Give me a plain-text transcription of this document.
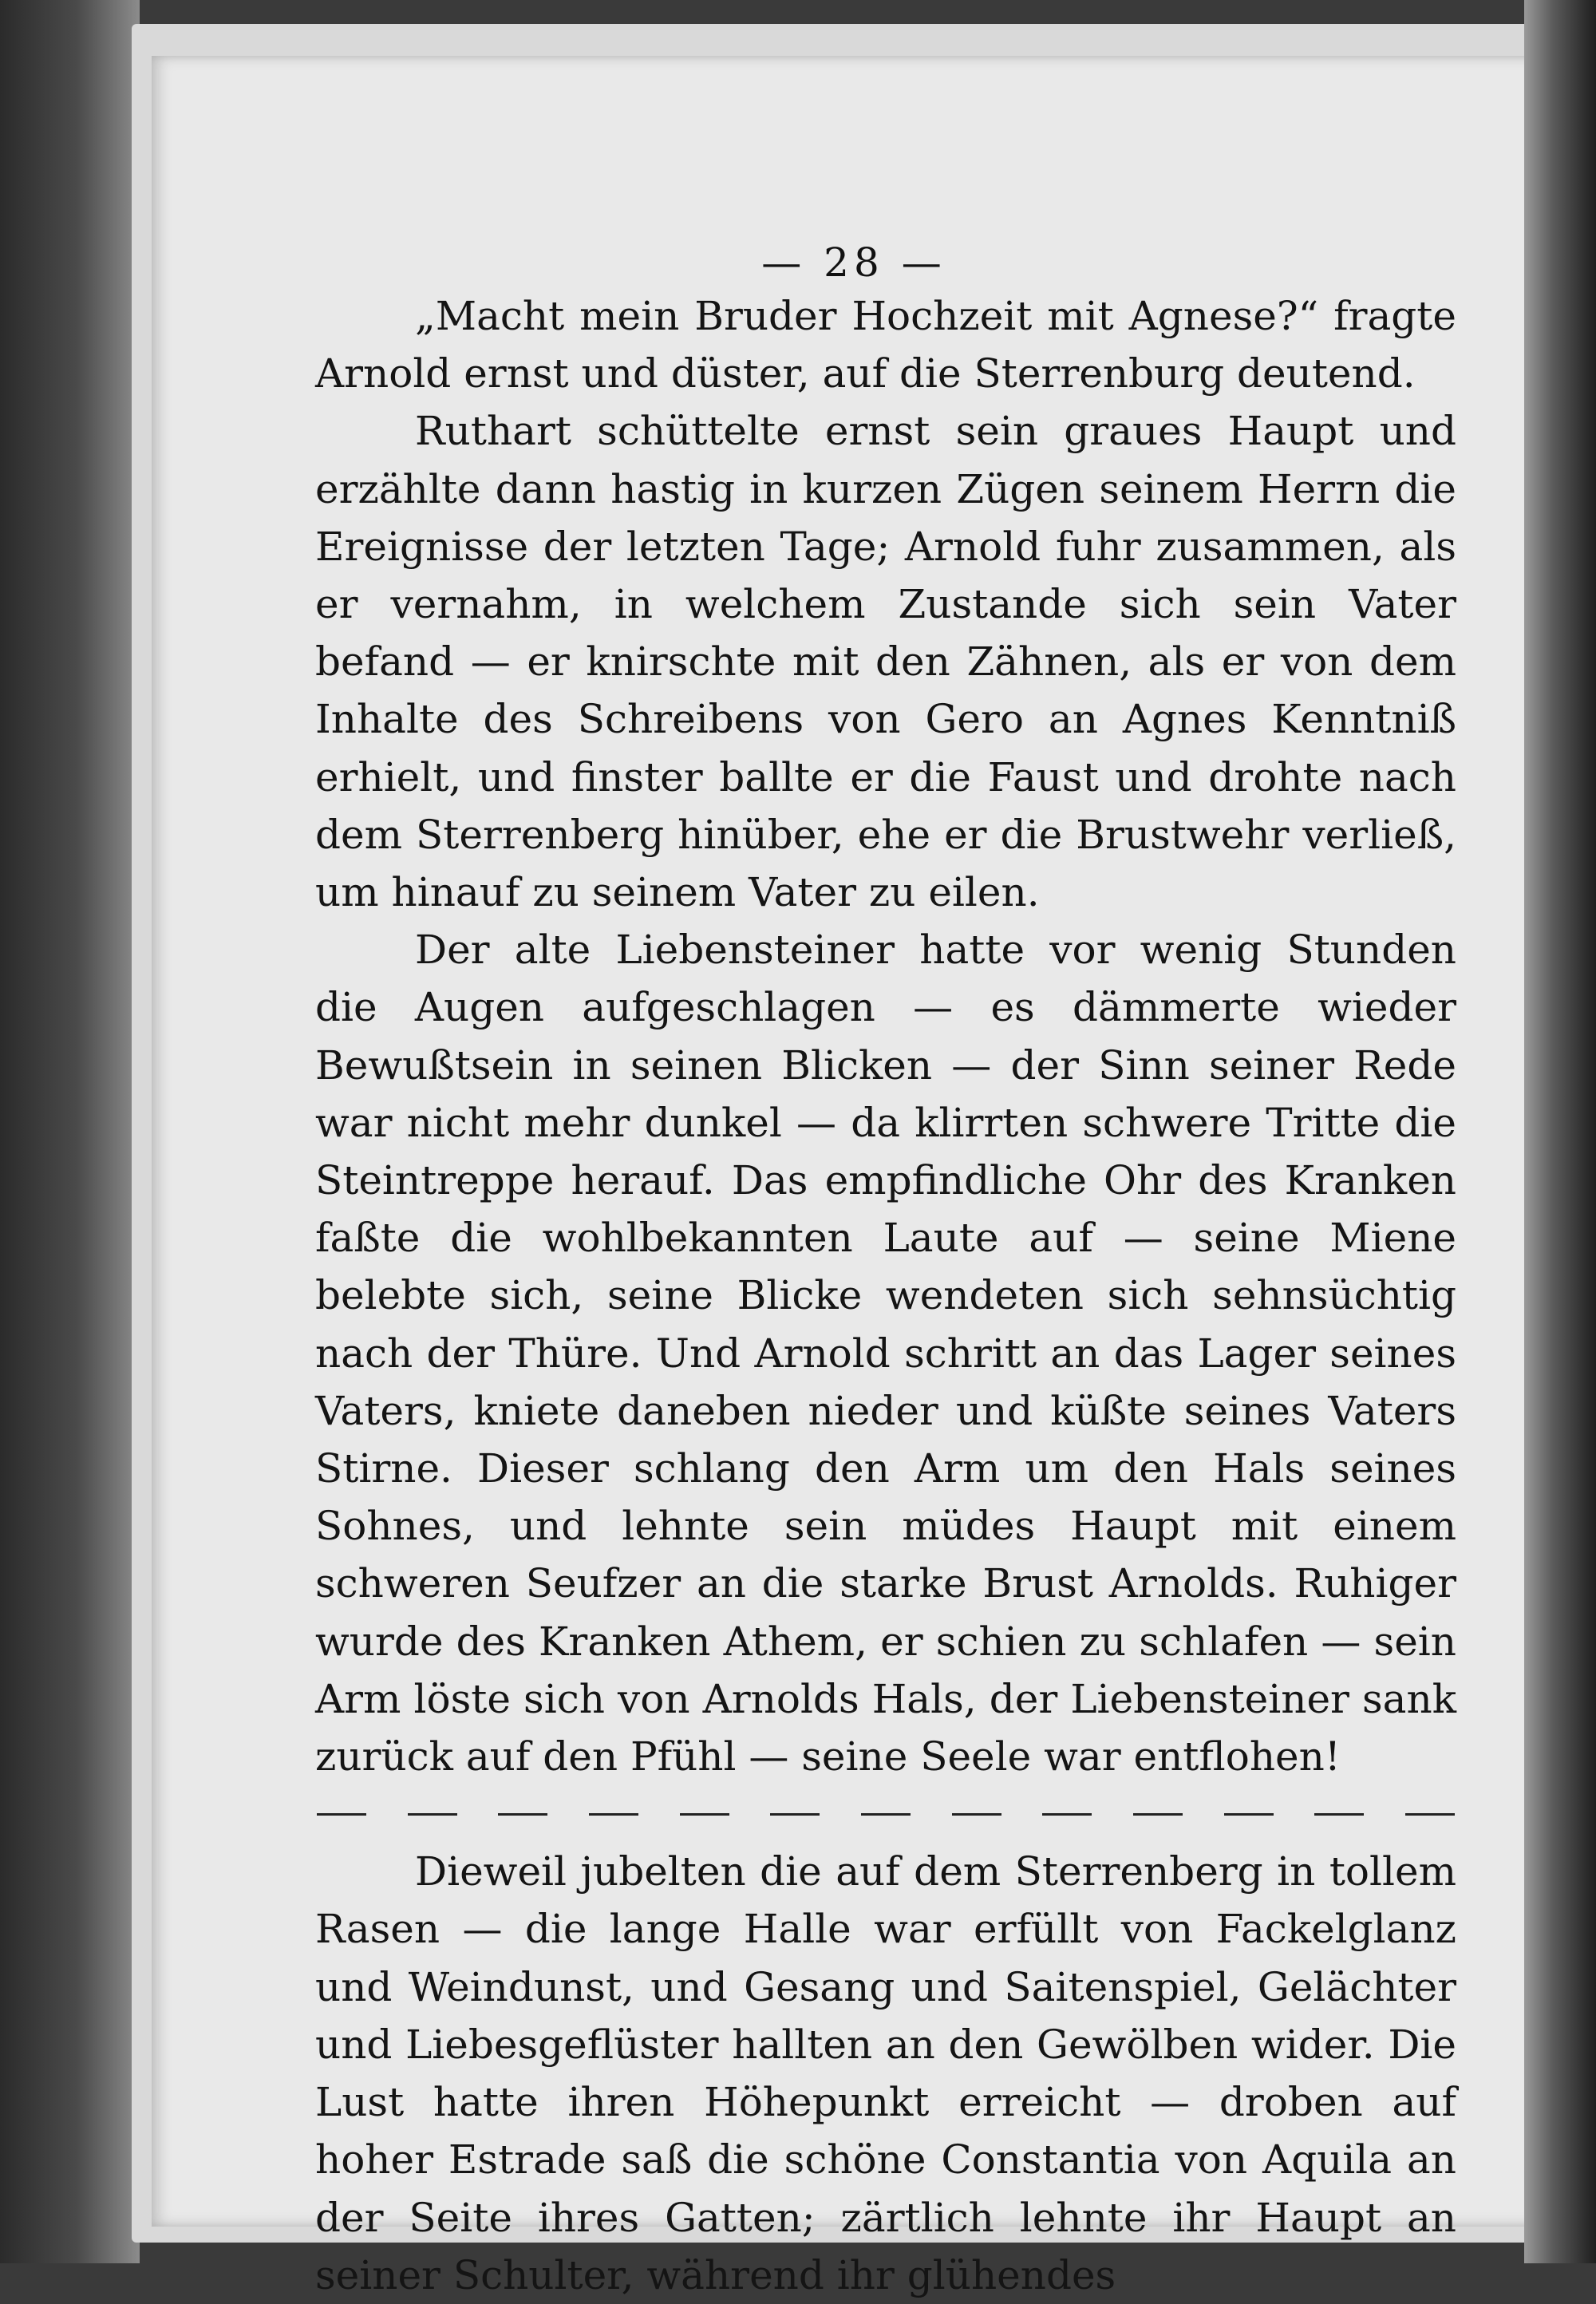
— 28 —

„Macht mein Bruder Hochzeit mit Agnese?“ fragte Arnold ernst und düster, auf die Sterrenburg deutend.

Ruthart schüttelte ernst sein graues Haupt und erzählte dann hastig in kurzen Zügen seinem Herrn die Ereignisse der letzten Tage; Arnold fuhr zusammen, als er vernahm, in welchem Zustande sich sein Vater befand — er knirschte mit den Zähnen, als er von dem Inhalte des Schreibens von Gero an Agnes Kenntniß erhielt, und finster ballte er die Faust und drohte nach dem Sterrenberg hinüber, ehe er die Brustwehr verließ, um hinauf zu seinem Vater zu eilen.

Der alte Liebensteiner hatte vor wenig Stunden die Augen aufgeschlagen — es dämmerte wieder Bewußtsein in seinen Blicken — der Sinn seiner Rede war nicht mehr dunkel — da klirrten schwere Tritte die Steintreppe herauf. Das empfindliche Ohr des Kranken faßte die wohlbekannten Laute auf — seine Miene belebte sich, seine Blicke wendeten sich sehnsüchtig nach der Thüre. Und Arnold schritt an das Lager seines Vaters, kniete daneben nieder und küßte seines Vaters Stirne. Dieser schlang den Arm um den Hals seines Sohnes, und lehnte sein müdes Haupt mit einem schweren Seufzer an die starke Brust Arnolds. Ruhiger wurde des Kranken Athem, er schien zu schlafen — sein Arm löste sich von Arnolds Hals, der Liebensteiner sank zurück auf den Pfühl — seine Seele war entflohen!

Dieweil jubelten die auf dem Sterrenberg in tollem Rasen — die lange Halle war erfüllt von Fackelglanz und Weindunst, und Gesang und Saitenspiel, Gelächter und Liebesgeflüster hallten an den Gewölben wider. Die Lust hatte ihren Höhepunkt erreicht — droben auf hoher Estrade saß die schöne Constantia von Aquila an der Seite ihres Gatten; zärtlich lehnte ihr Haupt an seiner Schulter, während ihr glühendes
